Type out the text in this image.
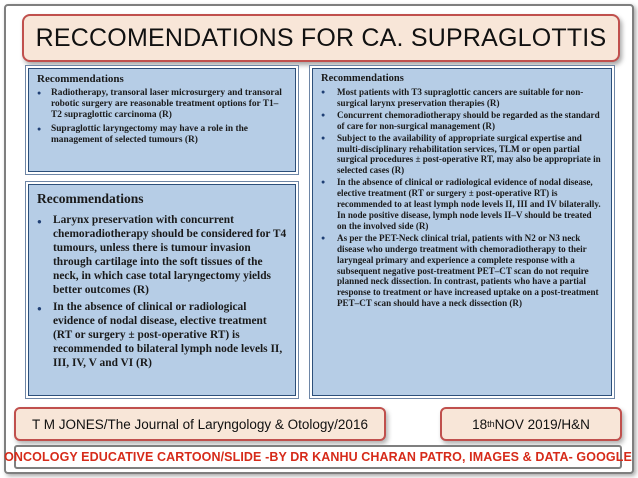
RECCOMENDATIONS FOR CA. SUPRAGLOTTIS
Recommendations
● Radiotherapy, transoral laser microsurgery and transoral robotic surgery are reasonable treatment options for T1–T2 supraglottic carcinoma (R)
● Supraglottic laryngectomy may have a role in the management of selected tumours (R)
Recommendations
● Larynx preservation with concurrent chemoradiotherapy should be considered for T4 tumours, unless there is tumour invasion through cartilage into the soft tissues of the neck, in which case total laryngectomy yields better outcomes (R)
● In the absence of clinical or radiological evidence of nodal disease, elective treatment (RT or surgery ± post-operative RT) is recommended to bilateral lymph node levels II, III, IV, V and VI (R)
Recommendations
● Most patients with T3 supraglottic cancers are suitable for non-surgical larynx preservation therapies (R)
● Concurrent chemoradiotherapy should be regarded as the standard of care for non-surgical management (R)
● Subject to the availability of appropriate surgical expertise and multi-disciplinary rehabilitation services, TLM or open partial surgical procedures ± post-operative RT, may also be appropriate in selected cases (R)
● In the absence of clinical or radiological evidence of nodal disease, elective treatment (RT or surgery ± post-operative RT) is recommended to at least lymph node levels II, III and IV bilaterally. In node positive disease, lymph node levels II–V should be treated on the involved side (R)
● As per the PET-Neck clinical trial, patients with N2 or N3 neck disease who undergo treatment with chemoradiotherapy to their laryngeal primary and experience a complete response with a subsequent negative post-treatment PET–CT scan do not require planned neck dissection. In contrast, patients who have a partial response to treatment or have increased uptake on a post-treatment PET–CT scan should have a neck dissection (R)
T M JONES/The Journal of Laryngology & Otology/2016	18 th NOV 2019/H&N
ONCOLOGY EDUCATIVE CARTOON/SLIDE -BY DR KANHU CHARAN PATRO, IMAGES & DATA- GOOGLE
